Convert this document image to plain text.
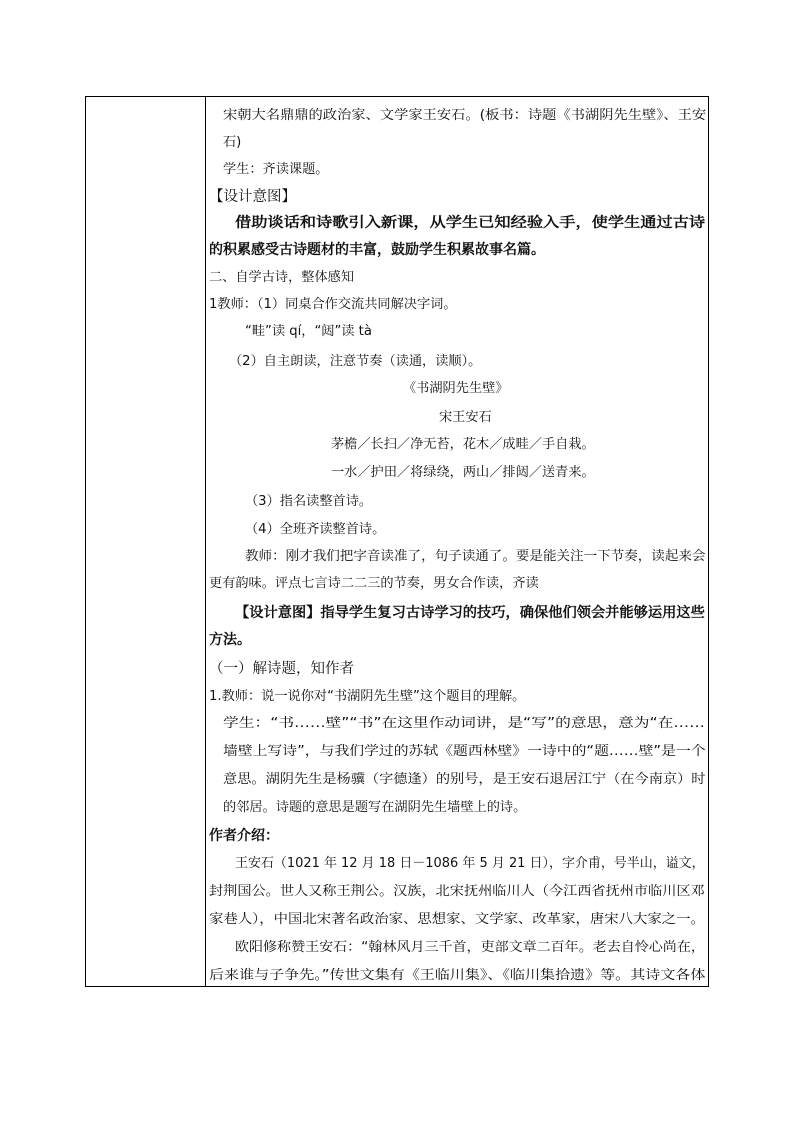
宋朝大名鼎鼎的政治家、文学家王安石。(板书：诗题《书湖阴先生壁》、王安
石)
学生：齐读课题。
【设计意图】
借助谈话和诗歌引入新课，从学生已知经验入手，使学生通过古诗
的积累感受古诗题材的丰富，鼓励学生积累故事名篇。
二、自学古诗，整体感知
1教师：（1）同桌合作交流共同解决字词。
“畦”读 qí，“闼”读 tà
（2）自主朗读，注意节奏（读通，读顺）。
《书湖阴先生壁》
宋王安石
茅檐／长扫／净无苔，花木／成畦／手自栽。
一水／护田／将绿绕，两山／排闼／送青来。
（3）指名读整首诗。
（4）全班齐读整首诗。
教师：刚才我们把字音读准了，句子读通了。要是能关注一下节奏，读起来会
更有韵味。评点七言诗二二三的节奏，男女合作读，齐读
【设计意图】指导学生复习古诗学习的技巧，确保他们领会并能够运用这些
方法。
（一）解诗题，知作者
1.教师：说一说你对“书湖阴先生壁”这个题目的理解。
学生：“书……壁”“书”在这里作动词讲，是“写”的意思，意为“在……
墙壁上写诗”，与我们学过的苏轼《题西林壁》一诗中的“题……壁”是一个
意思。湖阴先生是杨骥（字德逢）的别号，是王安石退居江宁（在今南京）时
的邻居。诗题的意思是题写在湖阴先生墙壁上的诗。
作者介绍：
王安石（1021 年 12 月 18 日－1086 年 5 月 21 日），字介甫，号半山，谥文，
封荆国公。世人又称王荆公。汉族，北宋抚州临川人（今江西省抚州市临川区邓
家巷人），中国北宋著名政治家、思想家、文学家、改革家，唐宋八大家之一。
欧阳修称赞王安石：“翰林风月三千首，吏部文章二百年。老去自怜心尚在，
后来谁与子争先。”传世文集有《王临川集》、《临川集拾遗》等。其诗文各体
